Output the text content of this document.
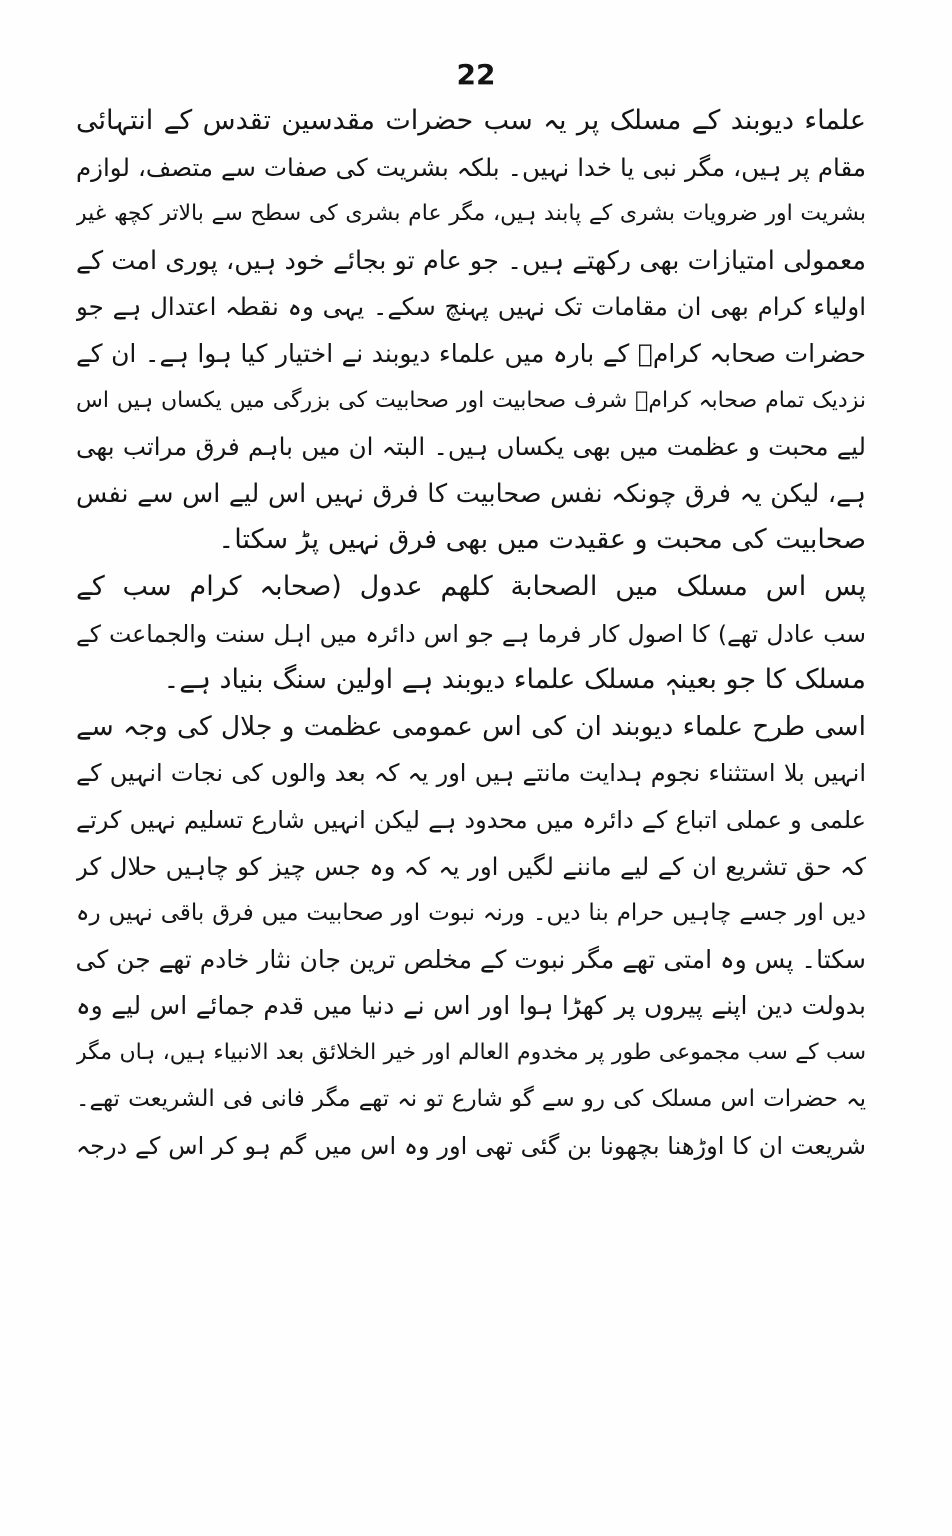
22
علماء دیوبند کے مسلک پر یہ سب حضرات مقدسین تقدس کے انتہائی
مقام پر ہیں، مگر نبی یا خدا نہیں۔ بلکہ بشریت کی صفات سے متصف، لوازم
بشریت اور ضرویات بشری کے پابند ہیں، مگر عام بشری کی سطح سے بالاتر کچھ غیر
معمولی امتیازات بھی رکھتے ہیں۔ جو عام تو بجائے خود ہیں، پوری امت کے
اولیاء کرام بھی ان مقامات تک نہیں پہنچ سکے۔ یہی وہ نقطہ اعتدال ہے جو
حضرات صحابہ کرامؓ کے بارہ میں علماء دیوبند نے اختیار کیا ہوا ہے۔ ان کے
نزدیک تمام صحابہ کرامؓ شرف صحابیت اور صحابیت کی بزرگی میں یکساں ہیں اس
لیے محبت و عظمت میں بھی یکساں ہیں۔ البتہ ان میں باہم فرق مراتب بھی
ہے، لیکن یہ فرق چونکہ نفس صحابیت کا فرق نہیں اس لیے اس سے نفس
صحابیت کی محبت و عقیدت میں بھی فرق نہیں پڑ سکتا۔
پس اس مسلک میں الصحابة كلهم عدول (صحابہ کرام سب کے
سب عادل تھے) کا اصول کار فرما ہے جو اس دائرہ میں اہل سنت والجماعت کے
مسلک کا جو بعینہٖ مسلک علماء دیوبند ہے اولین سنگ بنیاد ہے۔
اسی طرح علماء دیوبند ان کی اس عمومی عظمت و جلال کی وجہ سے
انہیں بلا استثناء نجوم ہدایت مانتے ہیں اور یہ کہ بعد والوں کی نجات انہیں کے
علمی و عملی اتباع کے دائرہ میں محدود ہے لیکن انہیں شارع تسلیم نہیں کرتے
کہ حق تشریع ان کے لیے ماننے لگیں اور یہ کہ وہ جس چیز کو چاہیں حلال کر
دیں اور جسے چاہیں حرام بنا دیں۔ ورنہ نبوت اور صحابیت میں فرق باقی نہیں رہ
سکتا۔ پس وہ امتی تھے مگر نبوت کے مخلص ترین جان نثار خادم تھے جن کی
بدولت دین اپنے پیروں پر کھڑا ہوا اور اس نے دنیا میں قدم جمائے اس لیے وہ
سب کے سب مجموعی طور پر مخدوم العالم اور خیر الخلائق بعد الانبیاء ہیں، ہاں مگر
یہ حضرات اس مسلک کی رو سے گو شارع تو نہ تھے مگر فانی فی الشریعت تھے۔
شریعت ان کا اوڑھنا بچھونا بن گئی تھی اور وہ اس میں گم ہو کر اس کے درجہ
